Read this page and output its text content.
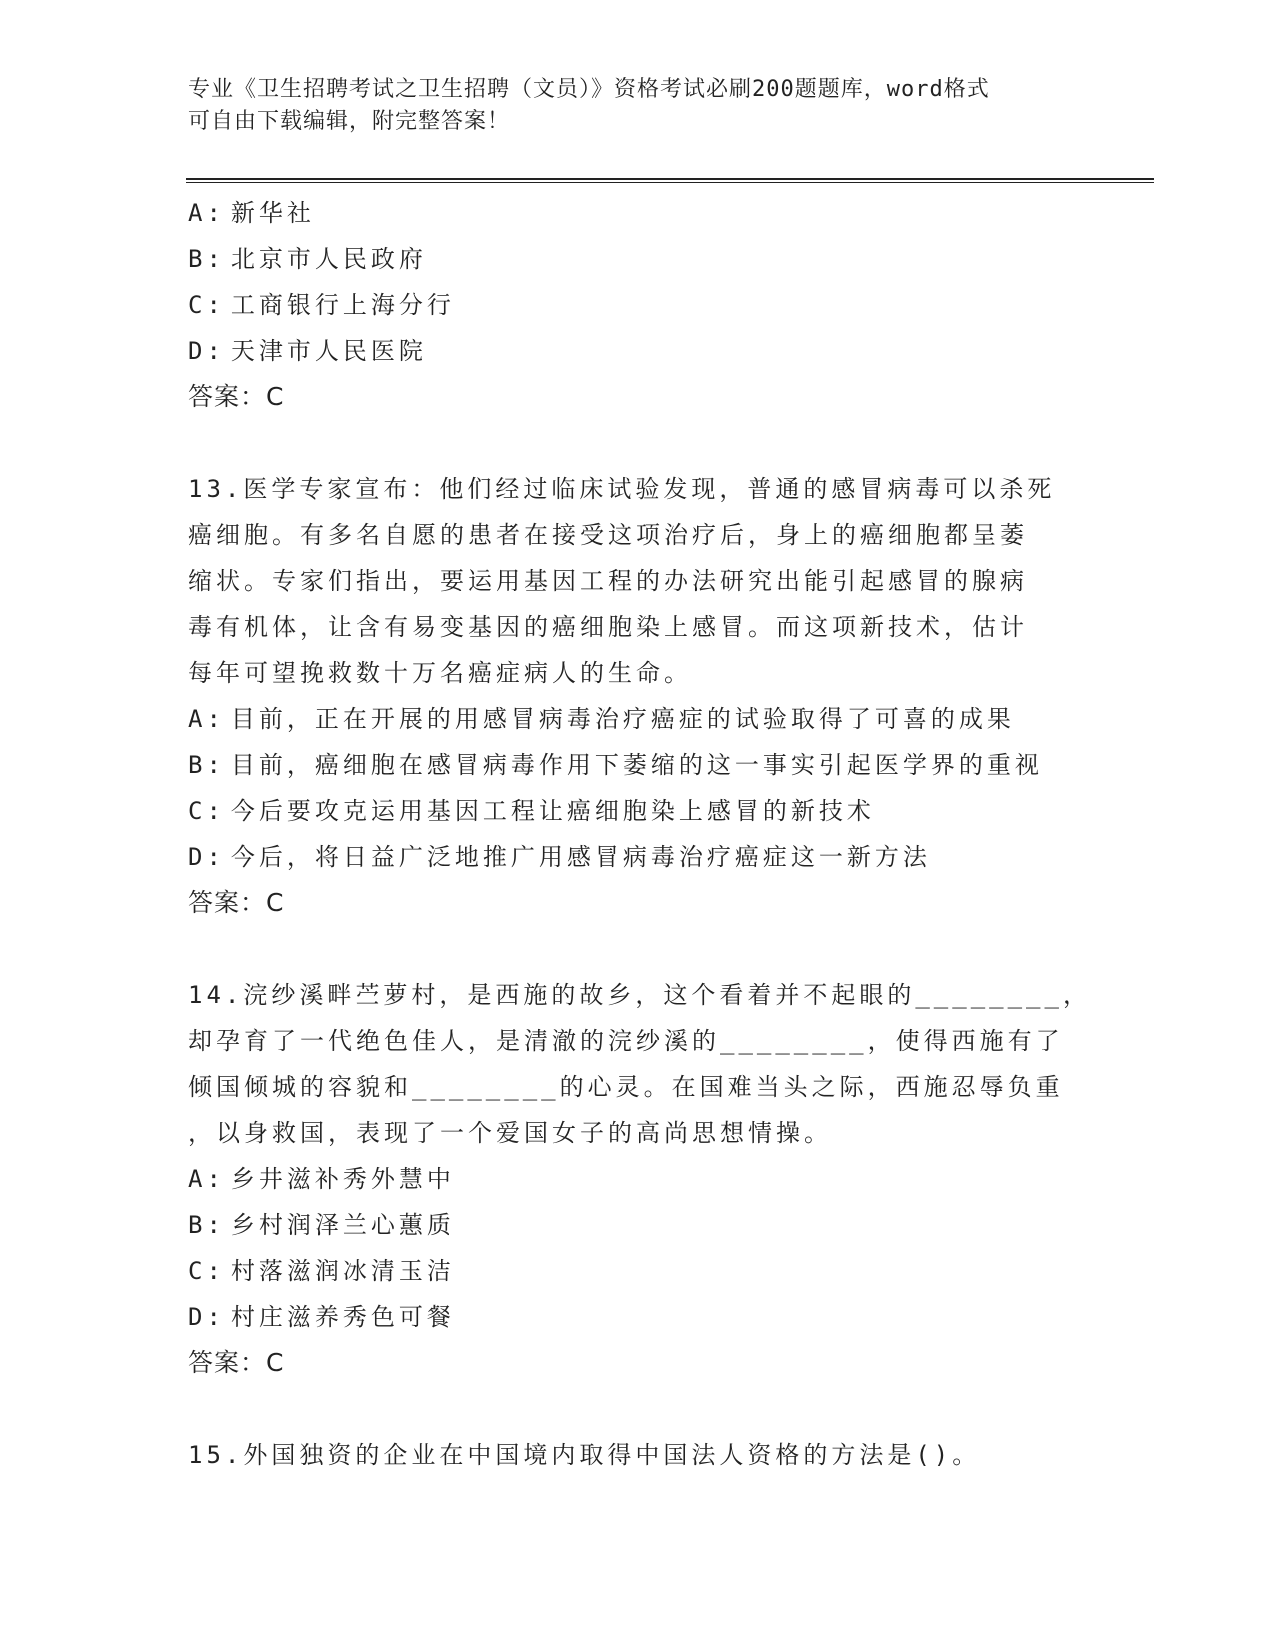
专业《卫生招聘考试之卫生招聘（文员）》资格考试必刷200题题库，word格式
可自由下载编辑，附完整答案！
A: 新华社
B: 北京市人民政府
C: 工商银行上海分行
D: 天津市人民医院
答案：C
13.医学专家宣布：他们经过临床试验发现，普通的感冒病毒可以杀死
癌细胞。有多名自愿的患者在接受这项治疗后，身上的癌细胞都呈萎
缩状。专家们指出，要运用基因工程的办法研究出能引起感冒的腺病
毒有机体，让含有易变基因的癌细胞染上感冒。而这项新技术，估计
每年可望挽救数十万名癌症病人的生命。
A: 目前，正在开展的用感冒病毒治疗癌症的试验取得了可喜的成果
B: 目前，癌细胞在感冒病毒作用下萎缩的这一事实引起医学界的重视
C: 今后要攻克运用基因工程让癌细胞染上感冒的新技术
D: 今后，将日益广泛地推广用感冒病毒治疗癌症这一新方法
答案：C
14.浣纱溪畔苎萝村，是西施的故乡，这个看着并不起眼的________，
却孕育了一代绝色佳人，是清澈的浣纱溪的________，使得西施有了
倾国倾城的容貌和________的心灵。在国难当头之际，西施忍辱负重
，以身救国，表现了一个爱国女子的高尚思想情操。
A: 乡井滋补秀外慧中
B: 乡村润泽兰心蕙质
C: 村落滋润冰清玉洁
D: 村庄滋养秀色可餐
答案：C
15.外国独资的企业在中国境内取得中国法人资格的方法是()。
